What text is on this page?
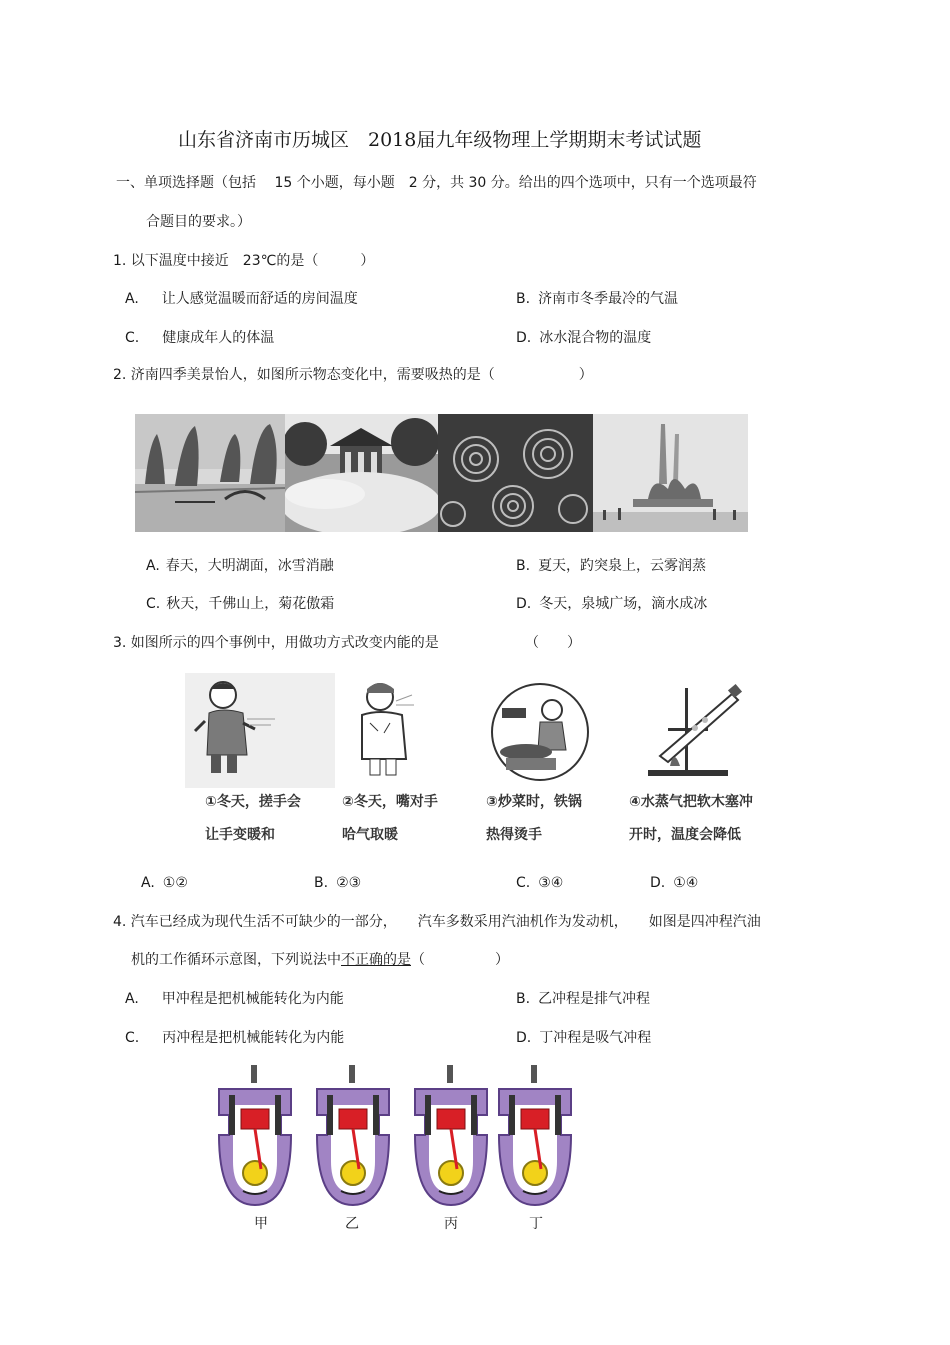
山东省济南市历城区　2018届九年级物理上学期期末考试试题
一、单项选择题（包括　 15 个小题，每小题　2 分，共 30 分。给出的四个选项中，只有一个选项最符
合题目的要求。）
1. 以下温度中接近　23℃的是（　　　）
A. 让人感觉温暖而舒适的房间温度	B. 济南市冬季最冷的气温
C. 健康成年人的体温	D. 冰水混合物的温度
2. 济南四季美景怡人，如图所示物态变化中，需要吸热的是（　　　　　　）
A. 春天，大明湖面，冰雪消融	B. 夏天，趵突泉上，云雾润蒸
C. 秋天，千佛山上，菊花傲霜	D. 冬天，泉城广场，滴水成冰
3. 如图所示的四个事例中，用做功方式改变内能的是	（　　）
①冬天，搓手会
让手变暖和
②冬天，嘴对手
哈气取暖
③炒菜时，铁锅
热得烫手
④水蒸气把软木塞冲
开时，温度会降低
A. ①②	B. ②③	C. ③④	D. ①④
4. 汽车已经成为现代生活不可缺少的一部分，　　汽车多数采用汽油机作为发动机，　　如图是四冲程汽油
机的工作循环示意图，下列说法中不正确的是（　　　　　）
A. 甲冲程是把机械能转化为内能	B. 乙冲程是排气冲程
C. 丙冲程是把机械能转化为内能	D. 丁冲程是吸气冲程
甲	乙	丙	丁
